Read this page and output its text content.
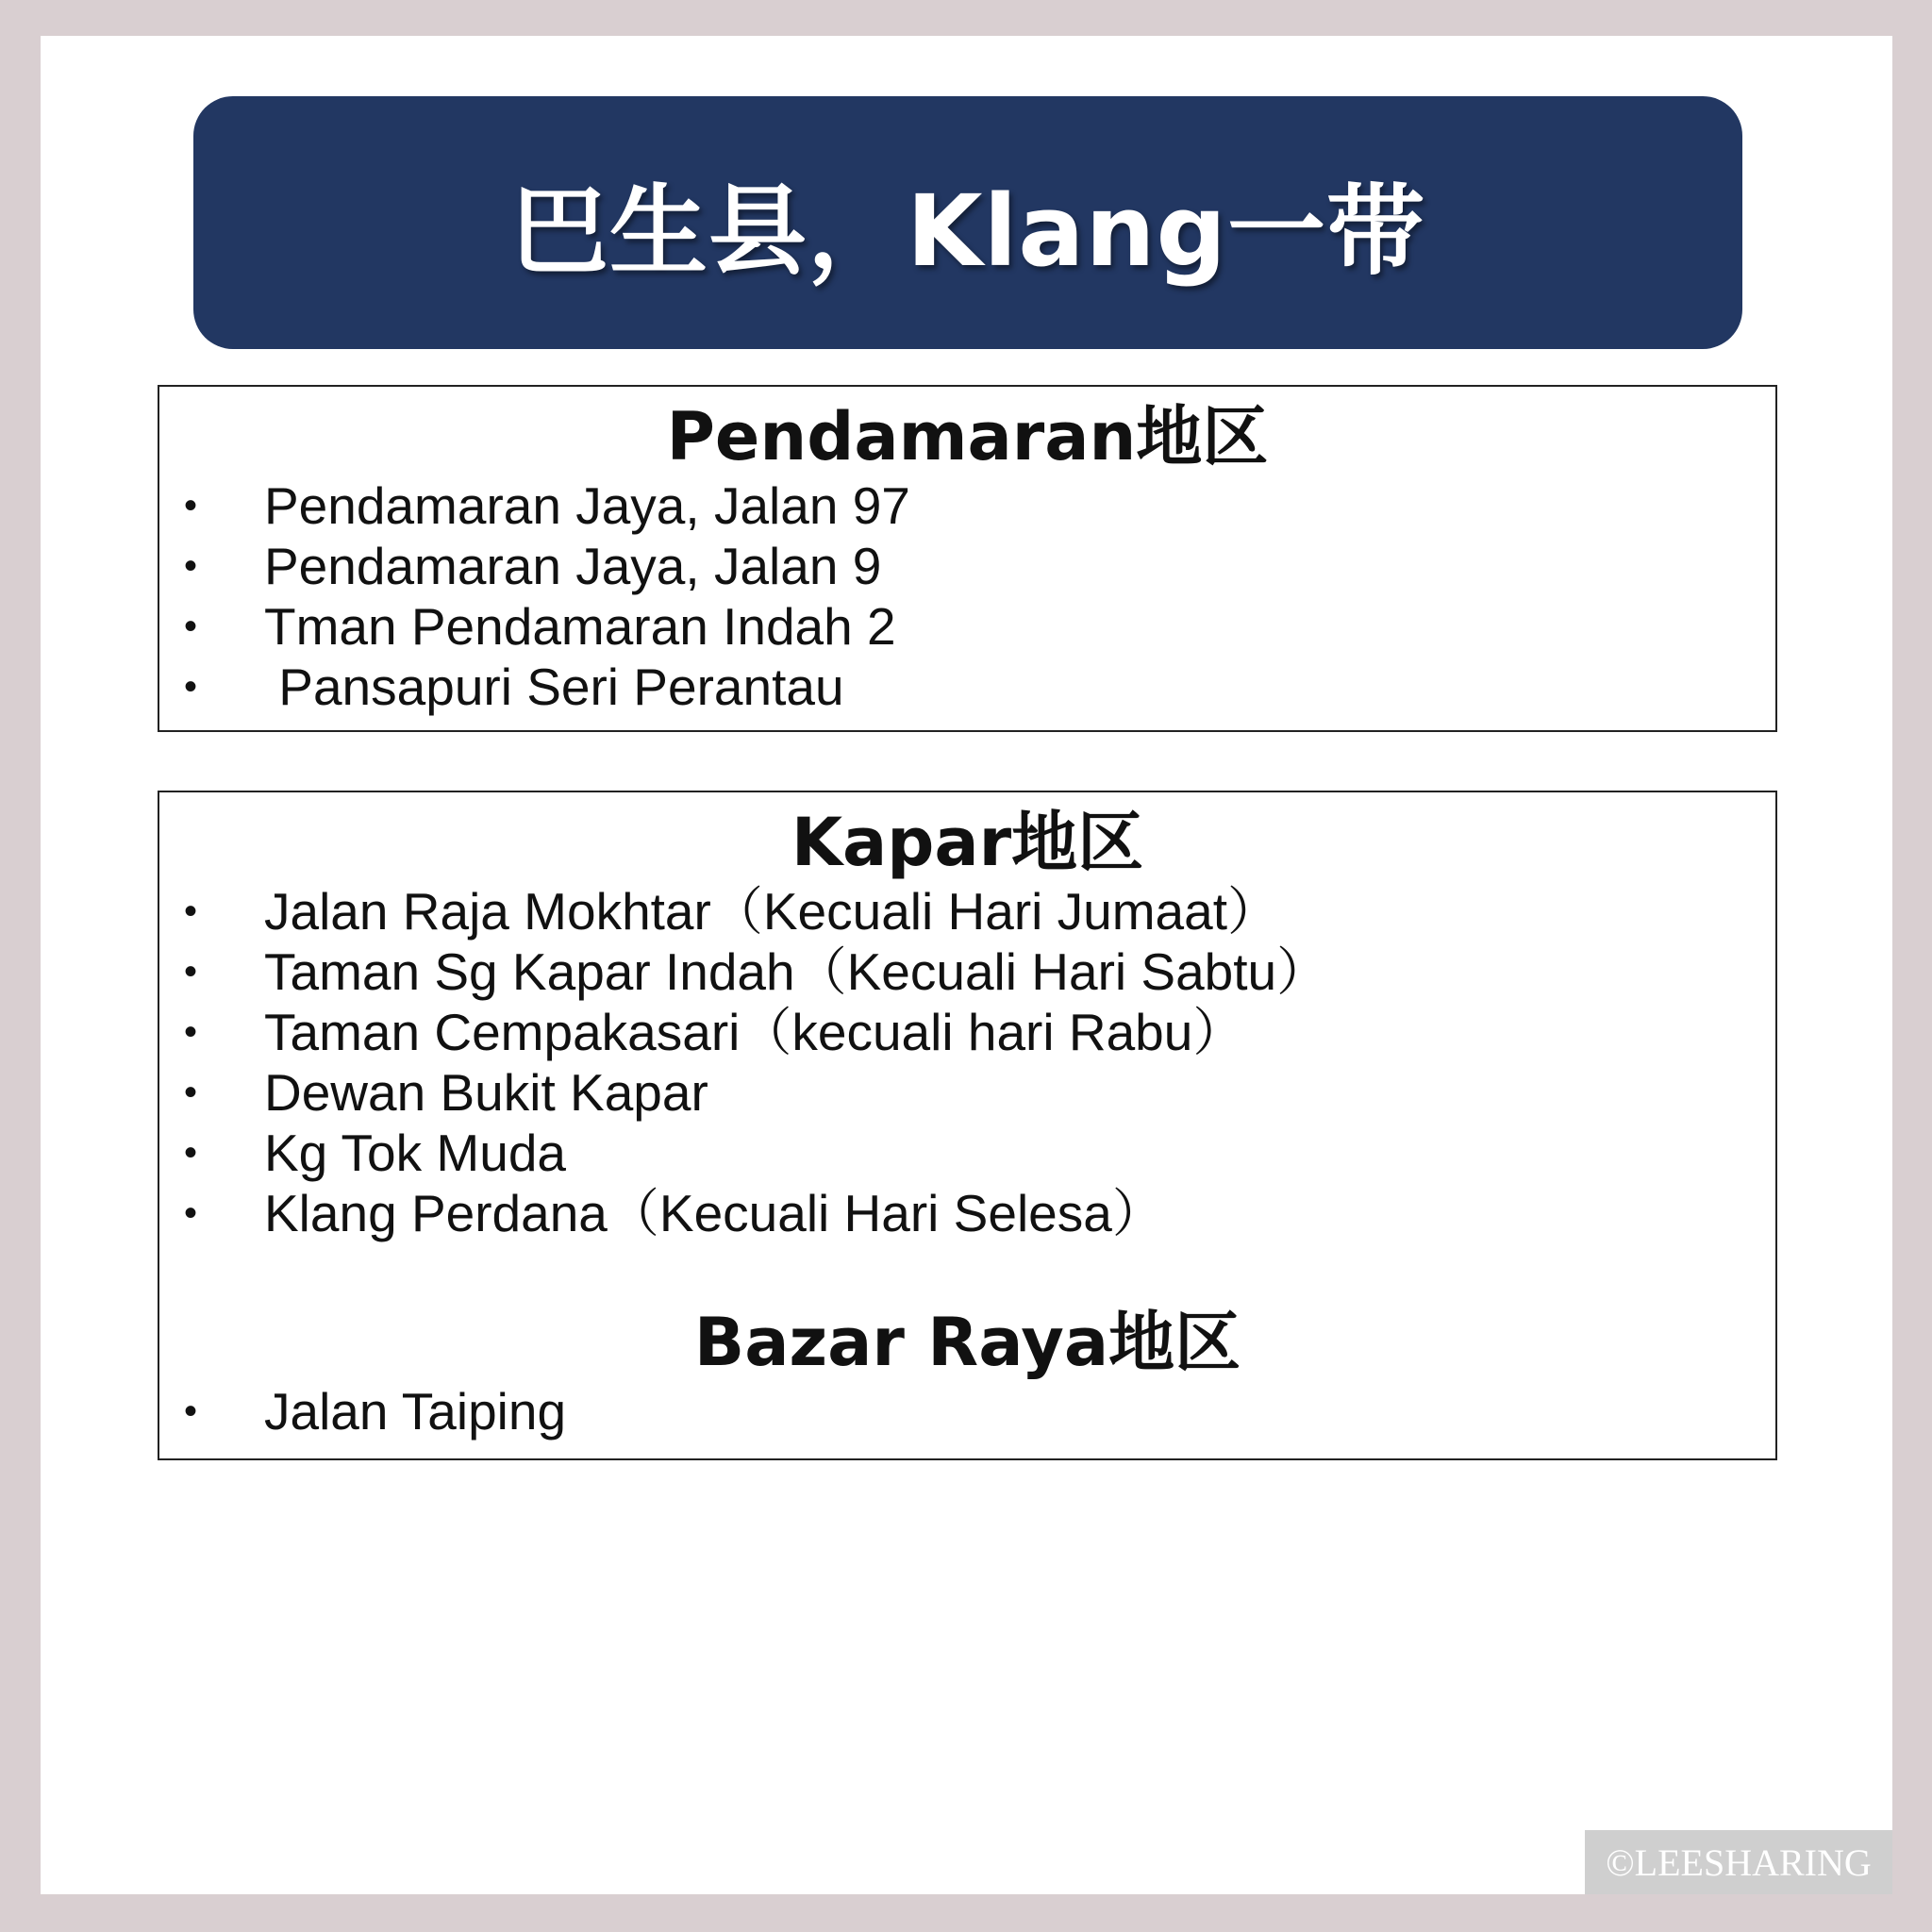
巴生县，Klang一带
Pendamaran地区
• Pendamaran Jaya, Jalan 97
• Pendamaran Jaya, Jalan 9
• Tman Pendamaran Indah 2
• Pansapuri Seri Perantau
Kapar地区
• Jalan Raja Mokhtar（Kecuali Hari Jumaat）
• Taman Sg Kapar Indah（Kecuali Hari Sabtu）
• Taman Cempakasari（kecuali hari Rabu）
• Dewan Bukit Kapar
• Kg Tok Muda
• Klang Perdana（Kecuali Hari Selesa）
Bazar Raya地区
• Jalan Taiping
©LEESHARING
